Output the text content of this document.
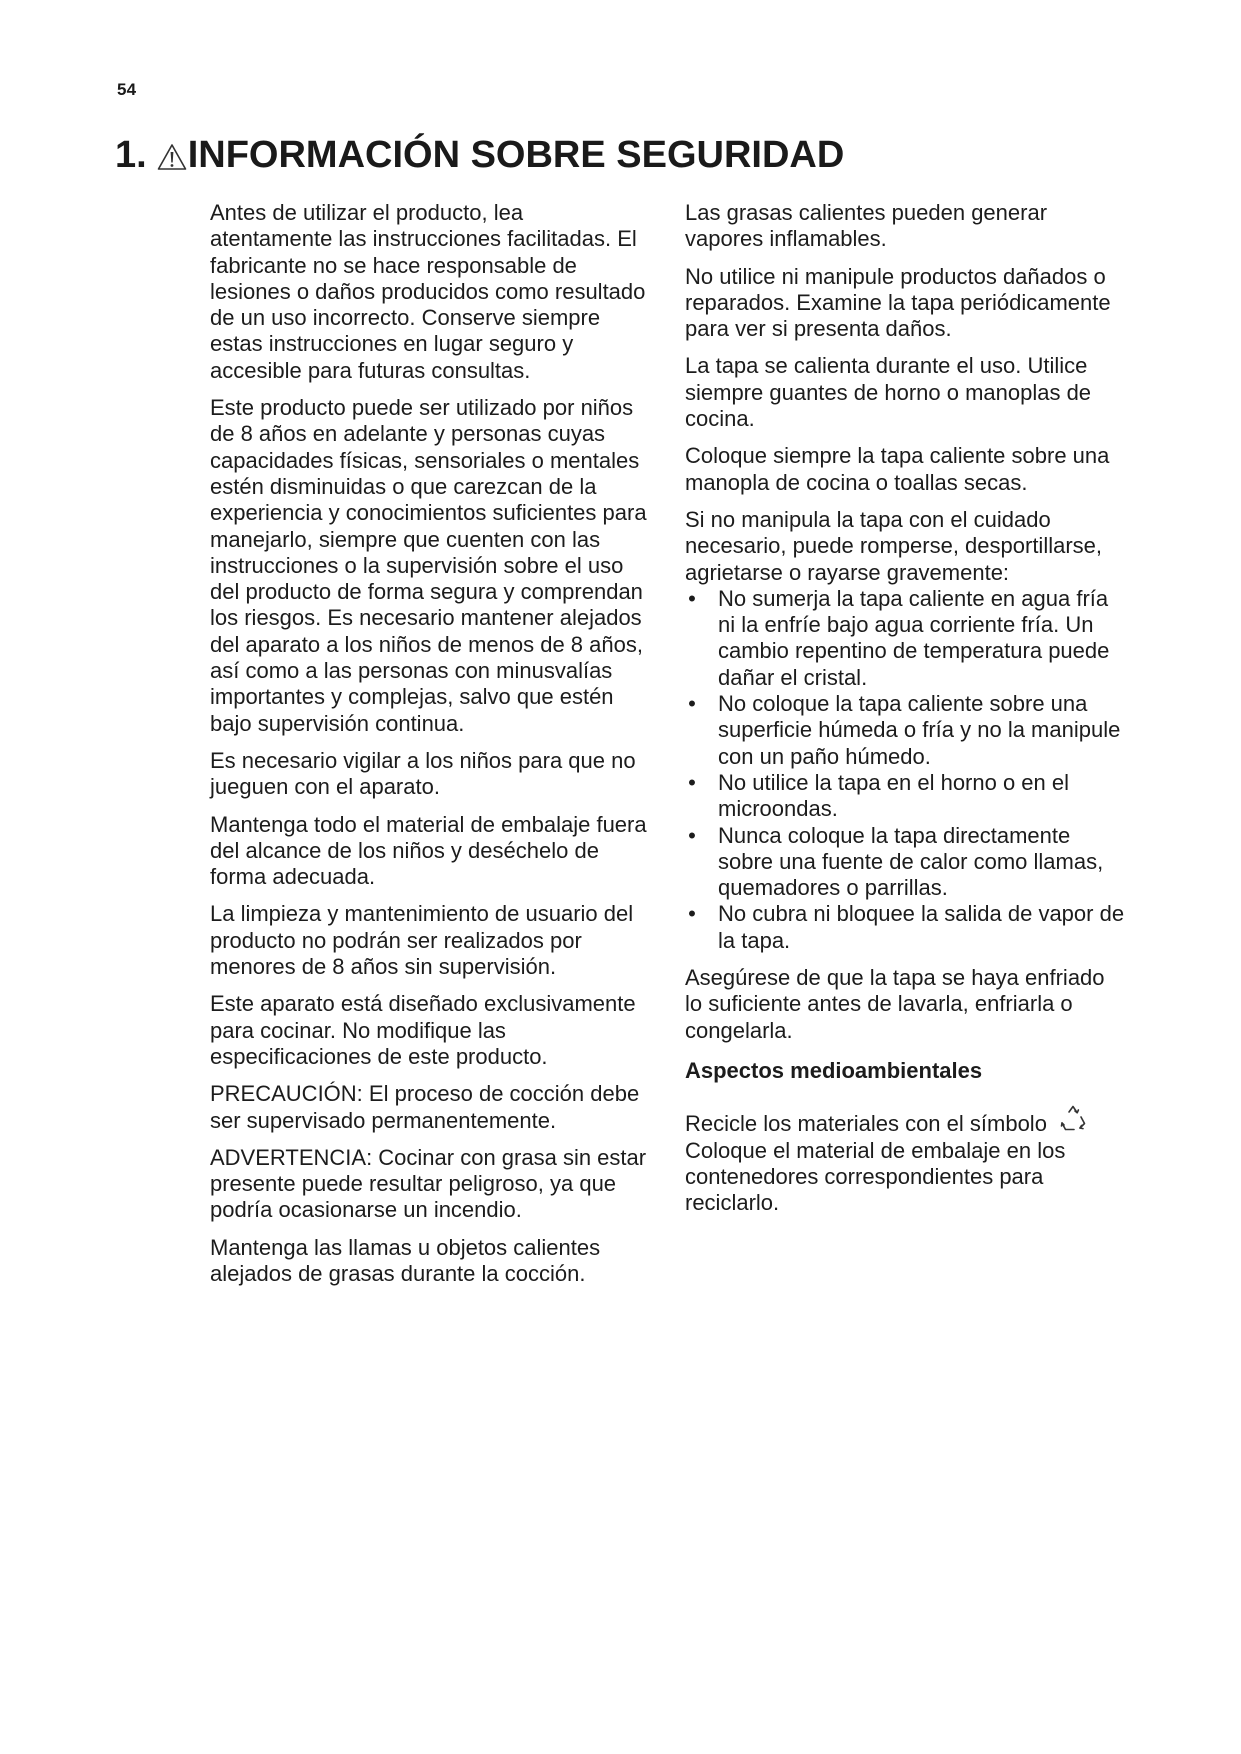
54
1. INFORMACIÓN SOBRE SEGURIDAD

Antes de utilizar el producto, lea atentamente las instrucciones facilitadas. El fabricante no se hace responsable de lesiones o daños producidos como resultado de un uso incorrecto. Conserve siempre estas instrucciones en lugar seguro y accesible para futuras consultas.

Este producto puede ser utilizado por niños de 8 años en adelante y personas cuyas capacidades físicas, sensoriales o mentales estén disminuidas o que carezcan de la experiencia y conocimientos suficientes para manejarlo, siempre que cuenten con las instrucciones o la supervisión sobre el uso del producto de forma segura y comprendan los riesgos. Es necesario mantener alejados del aparato a los niños de menos de 8 años, así como a las personas con minusvalías importantes y complejas, salvo que estén bajo supervisión continua.

Es necesario vigilar a los niños para que no jueguen con el aparato.

Mantenga todo el material de embalaje fuera del alcance de los niños y deséchelo de forma adecuada.

La limpieza y mantenimiento de usuario del producto no podrán ser realizados por menores de 8 años sin supervisión.

Este aparato está diseñado exclusivamente para cocinar. No modifique las especificaciones de este producto.

PRECAUCIÓN: El proceso de cocción debe ser supervisado permanentemente.

ADVERTENCIA: Cocinar con grasa sin estar presente puede resultar peligroso, ya que podría ocasionarse un incendio.

Mantenga las llamas u objetos calientes alejados de grasas durante la cocción.

Las grasas calientes pueden generar vapores inflamables.

No utilice ni manipule productos dañados o reparados. Examine la tapa periódicamente para ver si presenta daños.

La tapa se calienta durante el uso. Utilice siempre guantes de horno o manoplas de cocina.

Coloque siempre la tapa caliente sobre una manopla de cocina o toallas secas.

Si no manipula la tapa con el cuidado necesario, puede romperse, desportillarse, agrietarse o rayarse gravemente:

• No sumerja la tapa caliente en agua fría ni la enfríe bajo agua corriente fría. Un cambio repentino de temperatura puede dañar el cristal.
• No coloque la tapa caliente sobre una superficie húmeda o fría y no la manipule con un paño húmedo.
• No utilice la tapa en el horno o en el microondas.
• Nunca coloque la tapa directamente sobre una fuente de calor como llamas, quemadores o parrillas.
• No cubra ni bloquee la salida de vapor de la tapa.

Asegúrese de que la tapa se haya enfriado lo suficiente antes de lavarla, enfriarla o congelarla.

Aspectos medioambientales

Recicle los materiales con el símbolo

Coloque el material de embalaje en los contenedores correspondientes para reciclarlo.
